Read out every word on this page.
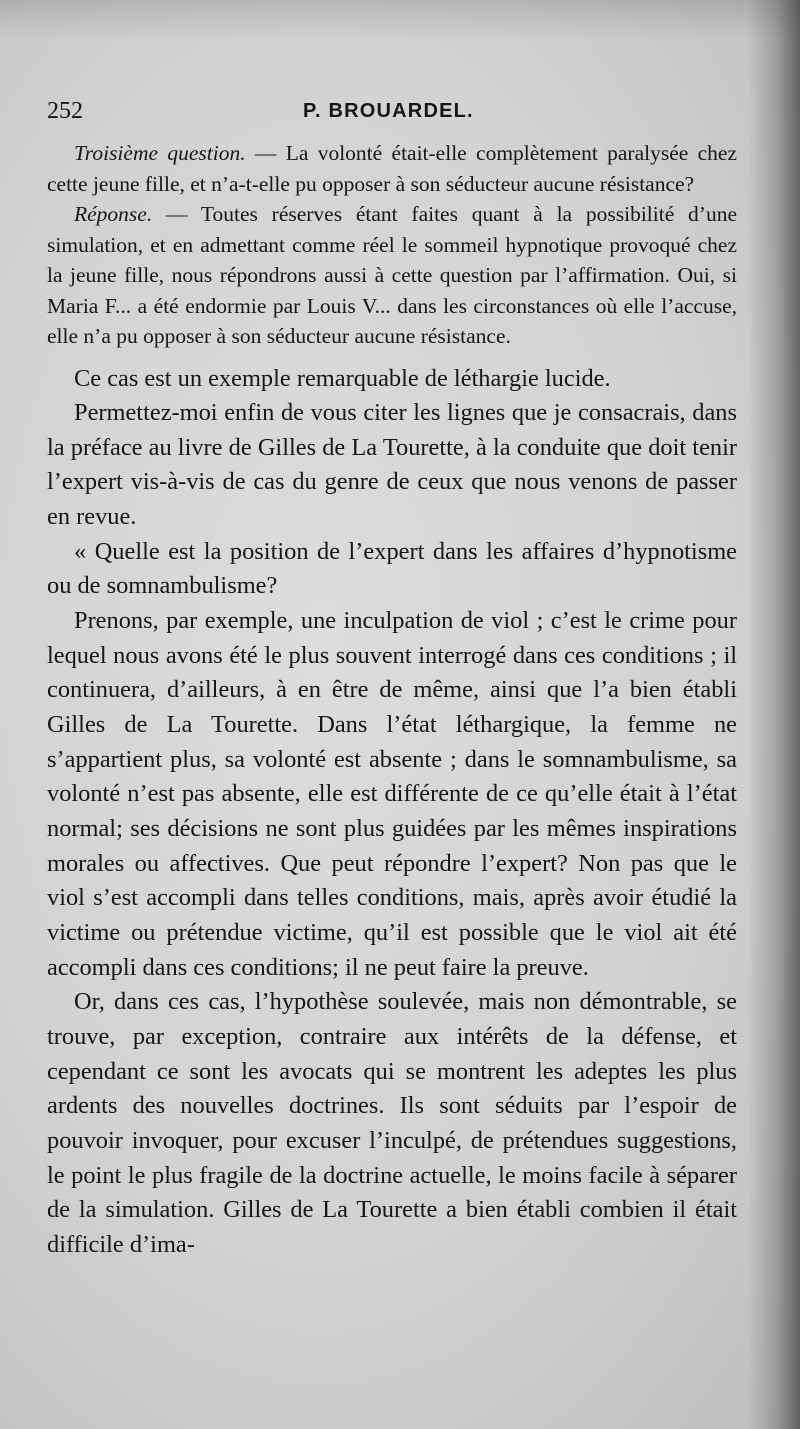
252	P. BROUARDEL.

Troisième question. — La volonté était-elle complètement paralysée chez cette jeune fille, et n’a-t-elle pu opposer à son séducteur aucune résistance?

Réponse. — Toutes réserves étant faites quant à la possibilité d’une simulation, et en admettant comme réel le sommeil hypnotique provoqué chez la jeune fille, nous répondrons aussi à cette question par l’affirmation. Oui, si Maria F... a été endormie par Louis V... dans les circonstances où elle l’accuse, elle n’a pu opposer à son séducteur aucune résistance.

Ce cas est un exemple remarquable de léthargie lucide.

Permettez-moi enfin de vous citer les lignes que je consacrais, dans la préface au livre de Gilles de La Tourette, à la conduite que doit tenir l’expert vis-à-vis de cas du genre de ceux que nous venons de passer en revue.

« Quelle est la position de l’expert dans les affaires d’hypnotisme ou de somnambulisme?

Prenons, par exemple, une inculpation de viol ; c’est le crime pour lequel nous avons été le plus souvent interrogé dans ces conditions ; il continuera, d’ailleurs, à en être de même, ainsi que l’a bien établi Gilles de La Tourette. Dans l’état léthargique, la femme ne s’appartient plus, sa volonté est absente ; dans le somnambulisme, sa volonté n’est pas absente, elle est différente de ce qu’elle était à l’état normal; ses décisions ne sont plus guidées par les mêmes inspirations morales ou affectives. Que peut répondre l’expert? Non pas que le viol s’est accompli dans telles conditions, mais, après avoir étudié la victime ou prétendue victime, qu’il est possible que le viol ait été accompli dans ces conditions; il ne peut faire la preuve.

Or, dans ces cas, l’hypothèse soulevée, mais non démontrable, se trouve, par exception, contraire aux intérêts de la défense, et cependant ce sont les avocats qui se montrent les adeptes les plus ardents des nouvelles doctrines. Ils sont séduits par l’espoir de pouvoir invoquer, pour excuser l’inculpé, de prétendues suggestions, le point le plus fragile de la doctrine actuelle, le moins facile à séparer de la simulation. Gilles de La Tourette a bien établi combien il était difficile d’ima-
